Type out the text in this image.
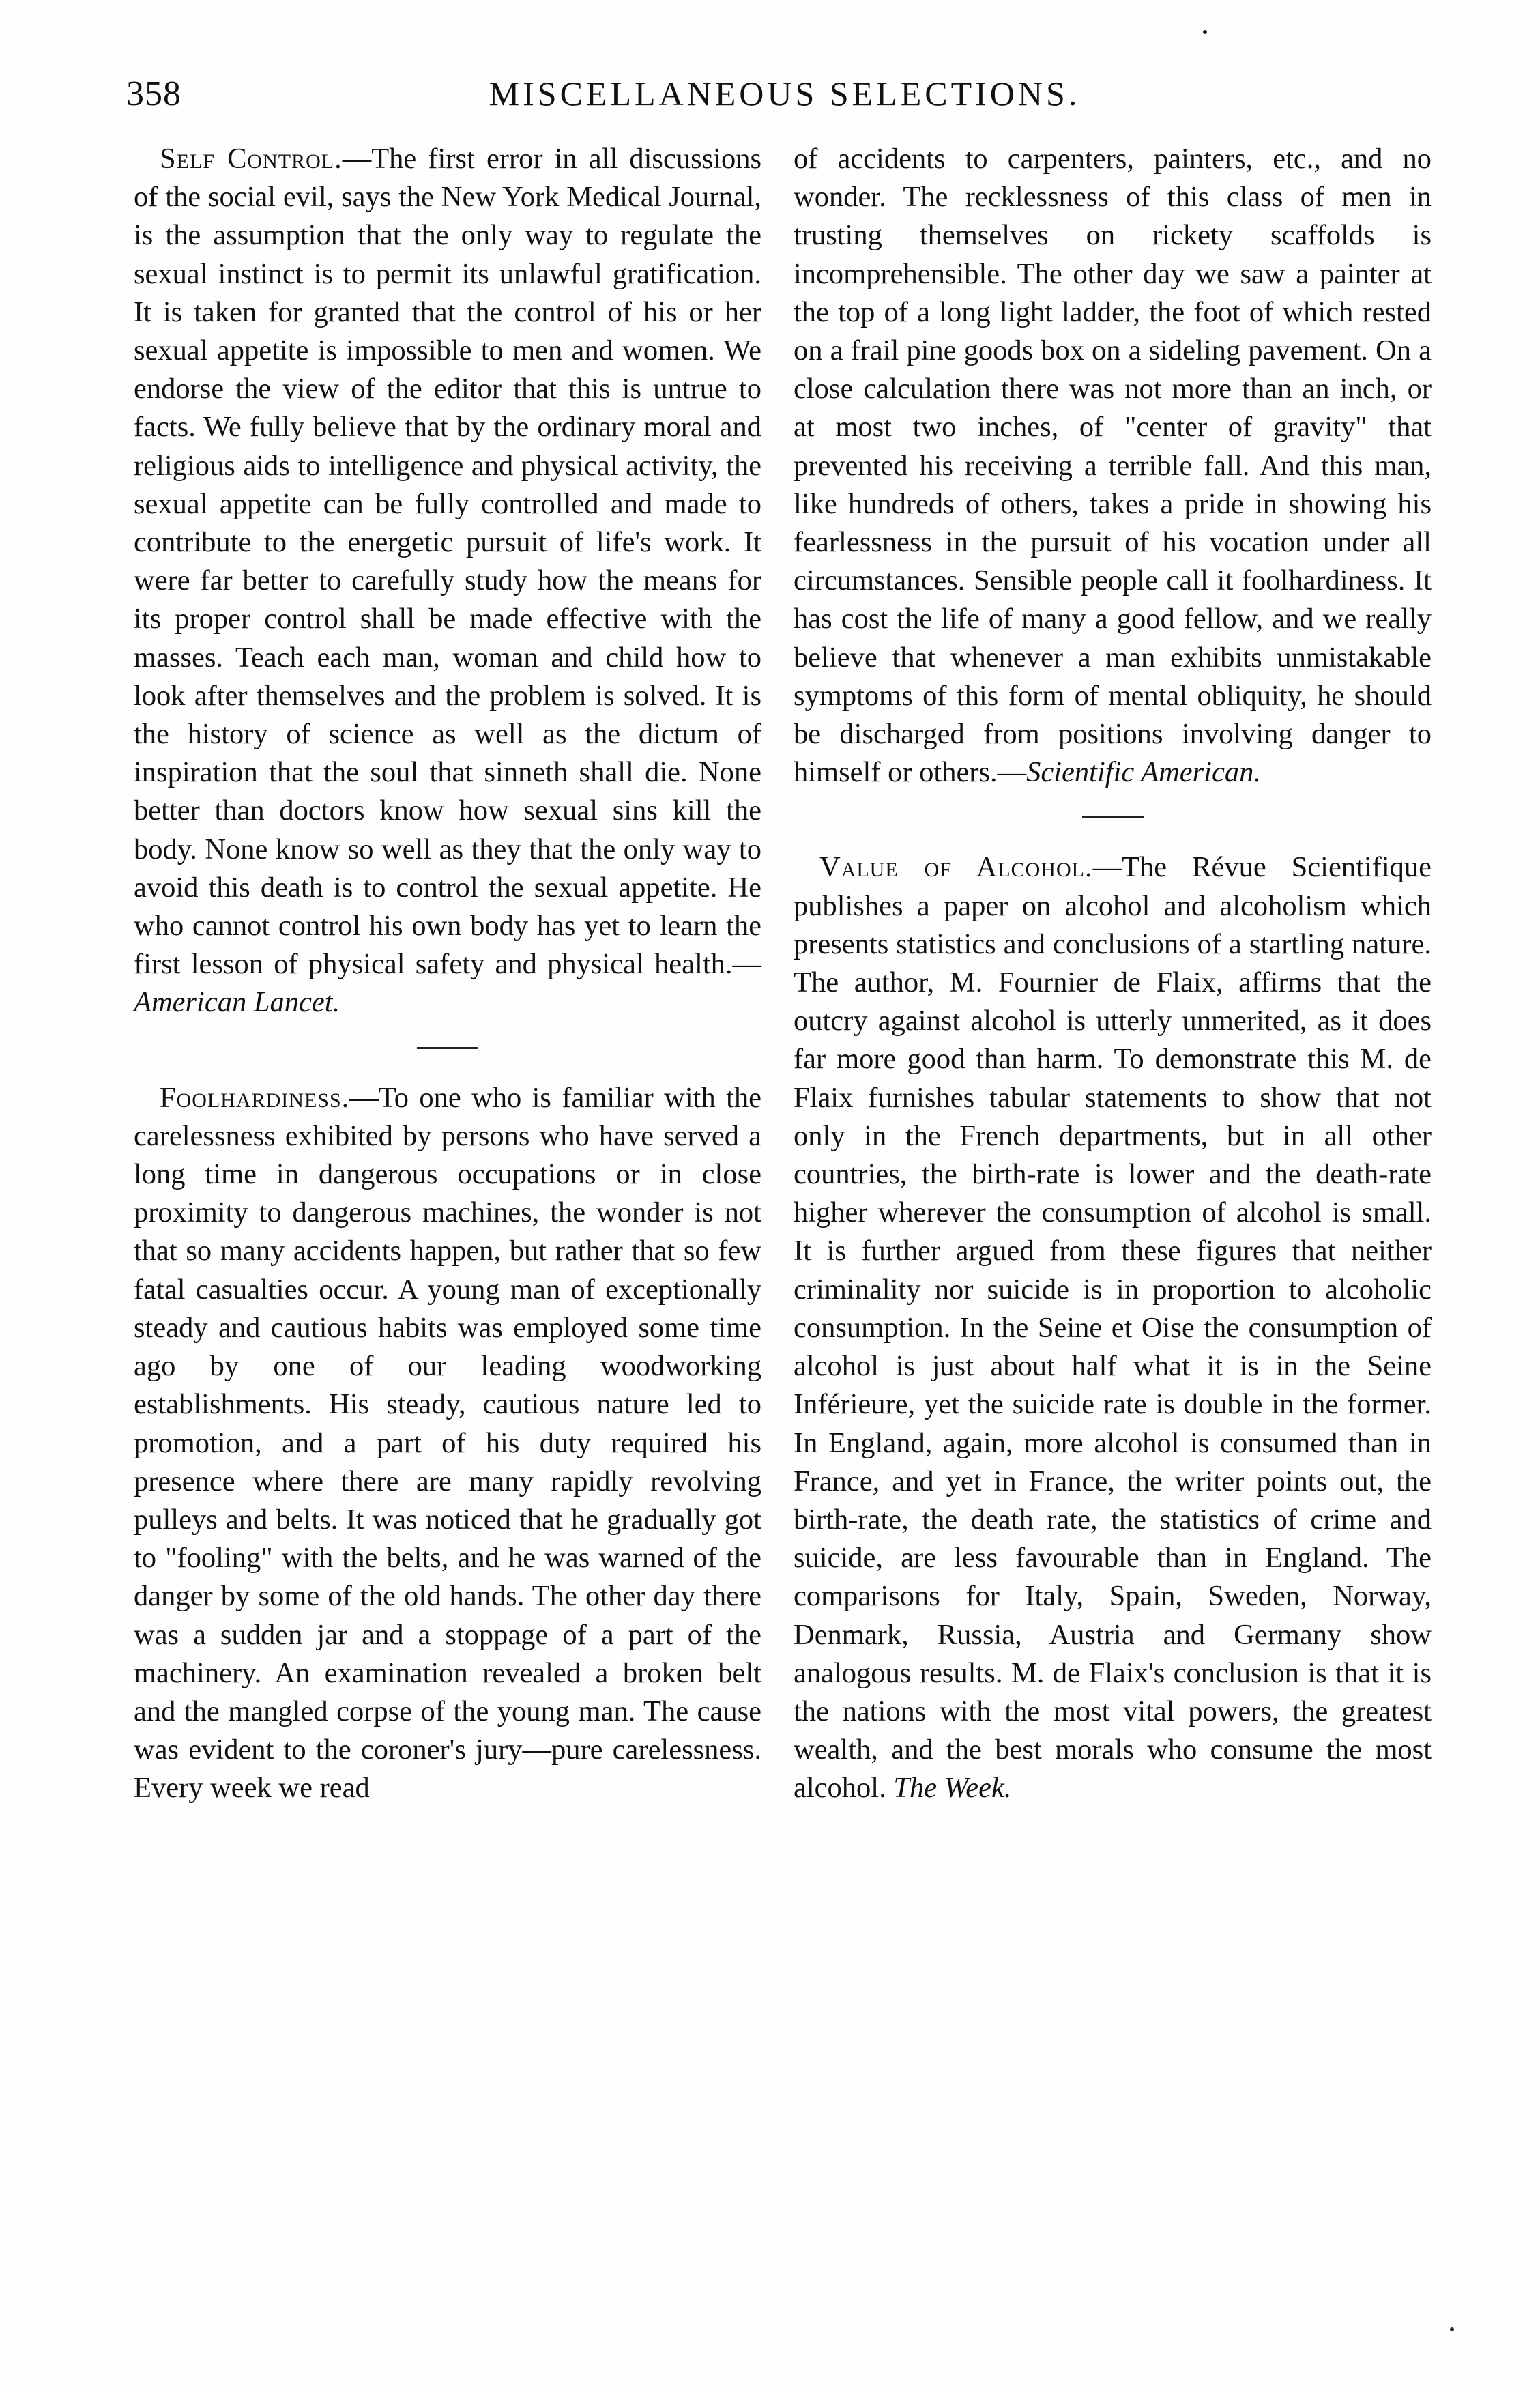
358	MISCELLANEOUS SELECTIONS.

Self Control.—The first error in all discussions of the social evil, says the New York Medical Journal, is the assumption that the only way to regulate the sexual instinct is to permit its unlawful gratification. It is taken for granted that the control of his or her sexual appetite is impossible to men and women. We endorse the view of the editor that this is untrue to facts. We fully believe that by the ordinary moral and religious aids to intelligence and physical activity, the sexual appetite can be fully controlled and made to contribute to the energetic pursuit of life's work. It were far better to carefully study how the means for its proper control shall be made effective with the masses. Teach each man, woman and child how to look after themselves and the problem is solved. It is the history of science as well as the dictum of inspiration that the soul that sinneth shall die. None better than doctors know how sexual sins kill the body. None know so well as they that the only way to avoid this death is to control the sexual appetite. He who cannot control his own body has yet to learn the first lesson of physical safety and physical health.—American Lancet.

Foolhardiness.—To one who is familiar with the carelessness exhibited by persons who have served a long time in dangerous occupations or in close proximity to dangerous machines, the wonder is not that so many accidents happen, but rather that so few fatal casualties occur. A young man of exceptionally steady and cautious habits was employed some time ago by one of our leading woodworking establishments. His steady, cautious nature led to promotion, and a part of his duty required his presence where there are many rapidly revolving pulleys and belts. It was noticed that he gradually got to "fooling" with the belts, and he was warned of the danger by some of the old hands. The other day there was a sudden jar and a stoppage of a part of the machinery. An examination revealed a broken belt and the mangled corpse of the young man. The cause was evident to the coroner's jury—pure carelessness. Every week we read

of accidents to carpenters, painters, etc., and no wonder. The recklessness of this class of men in trusting themselves on rickety scaffolds is incomprehensible. The other day we saw a painter at the top of a long light ladder, the foot of which rested on a frail pine goods box on a sideling pavement. On a close calculation there was not more than an inch, or at most two inches, of "center of gravity" that prevented his receiving a terrible fall. And this man, like hundreds of others, takes a pride in showing his fearlessness in the pursuit of his vocation under all circumstances. Sensible people call it foolhardiness. It has cost the life of many a good fellow, and we really believe that whenever a man exhibits unmistakable symptoms of this form of mental obliquity, he should be discharged from positions involving danger to himself or others.—Scientific American.

Value of Alcohol.—The Révue Scientifique publishes a paper on alcohol and alcoholism which presents statistics and conclusions of a startling nature. The author, M. Fournier de Flaix, affirms that the outcry against alcohol is utterly unmerited, as it does far more good than harm. To demonstrate this M. de Flaix furnishes tabular statements to show that not only in the French departments, but in all other countries, the birth-rate is lower and the death-rate higher wherever the consumption of alcohol is small. It is further argued from these figures that neither criminality nor suicide is in proportion to alcoholic consumption. In the Seine et Oise the consumption of alcohol is just about half what it is in the Seine Inférieure, yet the suicide rate is double in the former. In England, again, more alcohol is consumed than in France, and yet in France, the writer points out, the birth-rate, the death rate, the statistics of crime and suicide, are less favourable than in England. The comparisons for Italy, Spain, Sweden, Norway, Denmark, Russia, Austria and Germany show analogous results. M. de Flaix's conclusion is that it is the nations with the most vital powers, the greatest wealth, and the best morals who consume the most alcohol. The Week.
